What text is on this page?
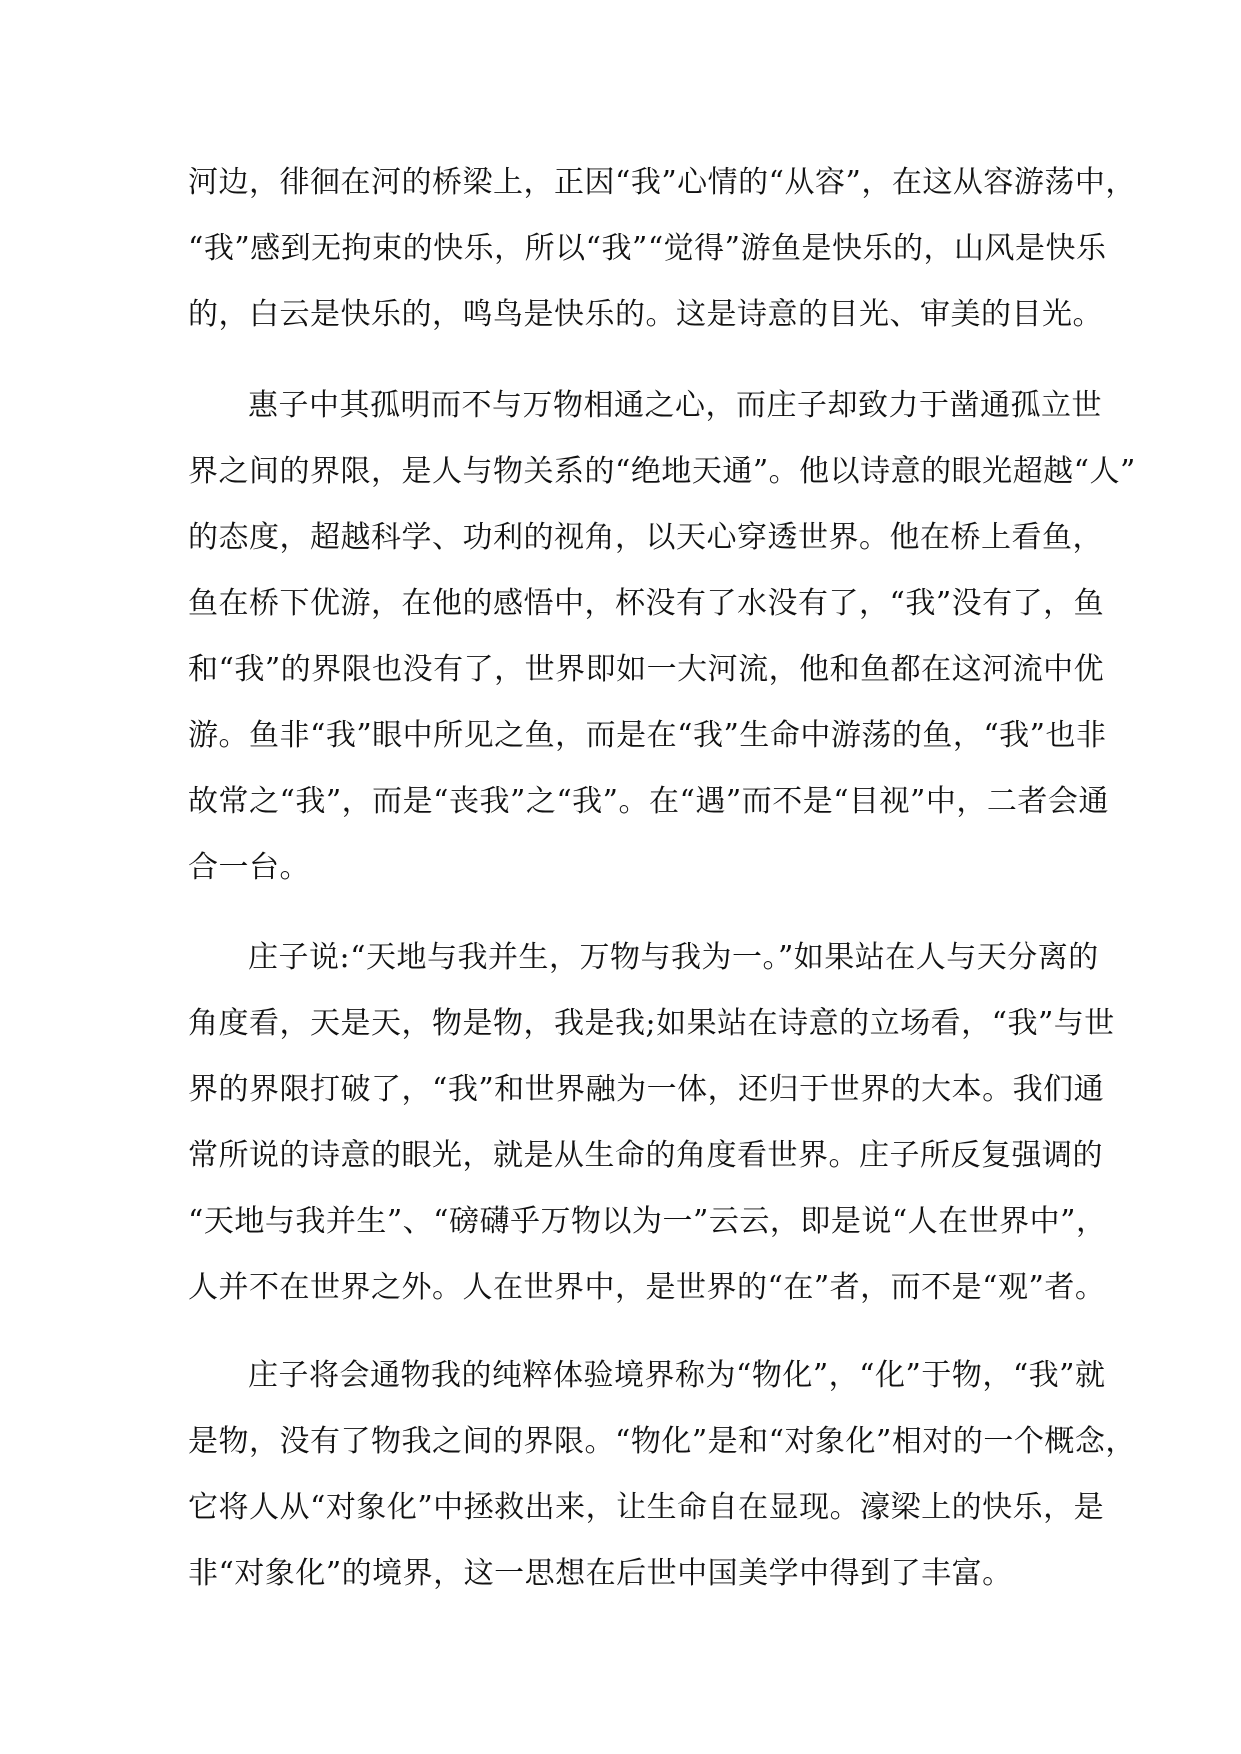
河边，徘徊在河的桥梁上，正因“我”心情的“从容”，在这从容游荡中，
“我”感到无拘束的快乐，所以“我”“觉得”游鱼是快乐的，山风是快乐
的，白云是快乐的，鸣鸟是快乐的。这是诗意的目光、审美的目光。
惠子中其孤明而不与万物相通之心，而庄子却致力于凿通孤立世
界之间的界限，是人与物关系的“绝地天通”。他以诗意的眼光超越“人”
的态度，超越科学、功利的视角，以天心穿透世界。他在桥上看鱼，
鱼在桥下优游，在他的感悟中，杯没有了水没有了，“我”没有了，鱼
和“我”的界限也没有了，世界即如一大河流，他和鱼都在这河流中优
游。鱼非“我”眼中所见之鱼，而是在“我”生命中游荡的鱼，“我”也非
故常之“我”，而是“丧我”之“我”。在“遇”而不是“目视”中，二者会通
合一台。
庄子说:“天地与我并生，万物与我为一。”如果站在人与天分离的
角度看，天是天，物是物，我是我;如果站在诗意的立场看，“我”与世
界的界限打破了，“我”和世界融为一体，还归于世界的大本。我们通
常所说的诗意的眼光，就是从生命的角度看世界。庄子所反复强调的
“天地与我并生”、“磅礴乎万物以为一”云云，即是说“人在世界中”，
人并不在世界之外。人在世界中，是世界的“在”者，而不是“观”者。
庄子将会通物我的纯粹体验境界称为“物化”，“化”于物，“我”就
是物，没有了物我之间的界限。“物化”是和“对象化”相对的一个概念，
它将人从“对象化”中拯救出来，让生命自在显现。濠梁上的快乐，是
非“对象化”的境界，这一思想在后世中国美学中得到了丰富。
